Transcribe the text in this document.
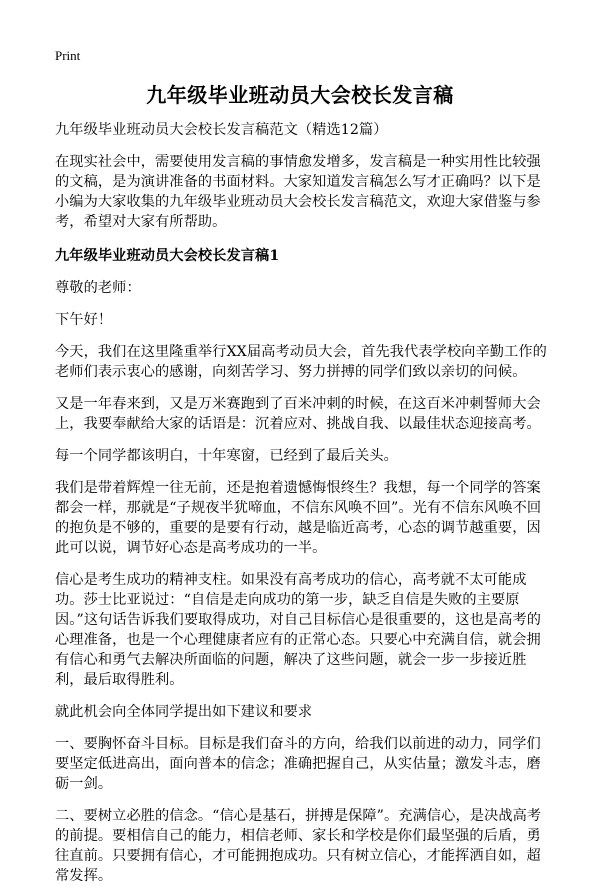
Print
九年级毕业班动员大会校长发言稿

九年级毕业班动员大会校长发言稿范文（精选12篇）

在现实社会中，需要使用发言稿的事情愈发增多，发言稿是一种实用性比较强的文稿，是为演讲准备的书面材料。大家知道发言稿怎么写才正确吗？以下是小编为大家收集的九年级毕业班动员大会校长发言稿范文，欢迎大家借鉴与参考，希望对大家有所帮助。

九年级毕业班动员大会校长发言稿1

尊敬的老师：

下午好！

今天，我们在这里隆重举行XX届高考动员大会，首先我代表学校向辛勤工作的老师们表示衷心的感谢，向刻苦学习、努力拼搏的同学们致以亲切的问候。

又是一年春来到，又是万米赛跑到了百米冲刺的时候，在这百米冲刺誓师大会上，我要奉献给大家的话语是：沉着应对、挑战自我、以最佳状态迎接高考。

每一个同学都该明白，十年寒窗，已经到了最后关头。

我们是带着辉煌一往无前，还是抱着遗憾悔恨终生？我想，每一个同学的答案都会一样，那就是“子规夜半犹啼血，不信东风唤不回”。光有不信东风唤不回的抱负是不够的，重要的是要有行动，越是临近高考，心态的调节越重要，因此可以说，调节好心态是高考成功的一半。

信心是考生成功的精神支柱。如果没有高考成功的信心，高考就不太可能成功。莎士比亚说过：“自信是走向成功的第一步，缺乏自信是失败的主要原因。”这句话告诉我们要取得成功，对自己目标信心是很重要的，这也是高考的心理准备，也是一个心理健康者应有的正常心态。只要心中充满自信，就会拥有信心和勇气去解决所面临的问题，解决了这些问题，就会一步一步接近胜利，最后取得胜利。

就此机会向全体同学提出如下建议和要求

一、要胸怀奋斗目标。目标是我们奋斗的方向，给我们以前进的动力，同学们要坚定低进高出，面向普本的信念；准确把握自己，从实估量；激发斗志，磨砺一剑。

二、要树立必胜的信念。“信心是基石，拼搏是保障”。充满信心，是决战高考的前提。要相信自己的能力，相信老师、家长和学校是你们最坚强的后盾，勇往直前。只要拥有信心，才可能拥抱成功。只有树立信心，才能挥洒自如，超常发挥。
